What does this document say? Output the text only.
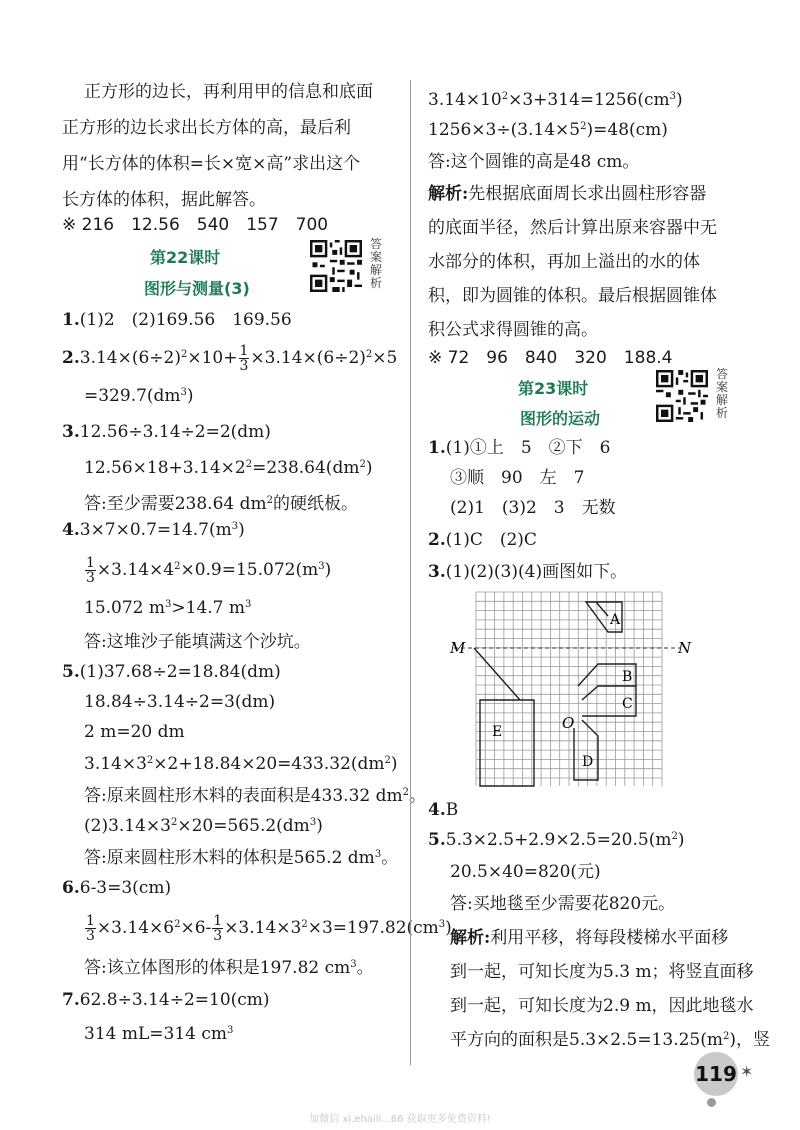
正方形的边长，再利用甲的信息和底面
正方形的边长求出长方体的高，最后利
用“长方体的体积=长×宽×高”求出这个
长方体的体积，据此解答。
※ 216　12.56　540　157　700
第22课时
图形与测量(3)
答案解析
1.(1)2　(2)169.56　169.56
$2.3.14\times(6\div 2)^2\times 10+ \frac{1}{3} \times 3.14\times(6\div 2)^2\times 5$
$=329.7(dm^3)$
3.12.56÷3.14÷2=2(dm)
$12.56\times 18+3.14\times 2^2=238.64(dm^2)$
答:至少需要238.64 $dm^2$的硬纸板。
$4.3\times 7\times 0.7=14.7(m^3)$
$\frac{1}{3} \times 3.14\times 4^2\times 0.9=15.072(m^3)$
15.072 $m^3>14.7$ $m^3$
答:这堆沙子能填满这个沙坑。
5.(1)37.68÷2=18.84(dm)
18.84÷3.14÷2=3(dm)
2 m=20 dm
$3.14\times 3^2\times 2+18.84\times 20=433.32(dm^2)$
答:原来圆柱形木料的表面积是433.32 $dm^2$。
$(2)3.14\times 3^2\times 20=565.2(dm^3)$
答:原来圆柱形木料的体积是565.2 $dm^3$。
6.6-3=3(cm)
$\frac{1}{3} \times 3.14\times 6^2\times 6- \frac{1}{3} \times 3.14\times 3^2\times 3=197.82(cm^3)$
答:该立体图形的体积是197.82 $cm^3$。
7.62.8÷3.14÷2=10(cm)
314 mL=314 $cm^3$
$3.14\times 10^2\times 3+314=1256(cm^3)$
$1256\times 3\div(3.14\times 5^2)=48(cm)$
答:这个圆锥的高是48 cm。
解析:先根据底面周长求出圆柱形容器
的底面半径，然后计算出原来容器中无
水部分的体积，再加上溢出的水的体
积，即为圆锥的体积。最后根据圆锥体
积公式求得圆锥的高。
※ 72　96　840　320　188.4
第23课时
图形的运动
答案解析
1.(1)①上　5　②下　6
③顺　90　左　7
(2)1　(3)2　3　无数
2.(1)C　(2)C
3.(1)(2)(3)(4)画图如下。
4.B
$5.5.3\times 2.5+2.9\times 2.5=20.5(m^2)$
20.5×40=820(元)
答:买地毯至少需要花820元。
解析:利用平移，将每段楼梯水平面移
到一起，可知长度为5.3 m；将竖直面移
到一起，可知长度为2.9 m，因此地毯水
平方向的面积是$5.3\times 2.5=13.25(m^2)$，竖
M	N
A
B
C
D
O
E
119 ✶
加微信 xi.ehaili...66 获取更多免费资料!
